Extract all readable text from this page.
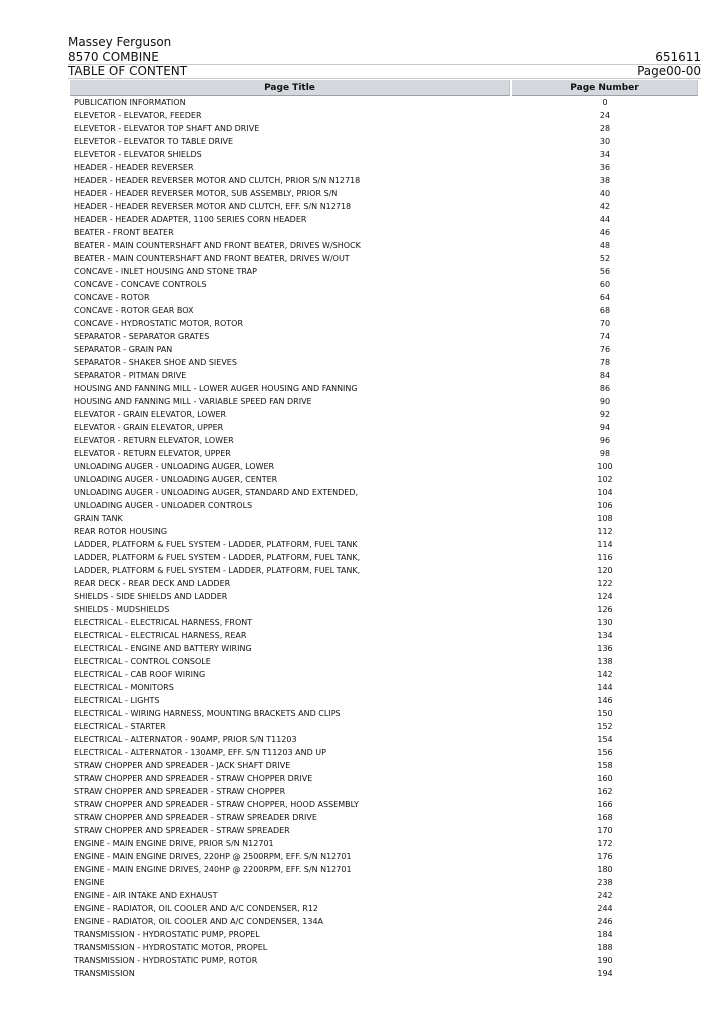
Massey Ferguson
8570 COMBINE	651611
TABLE OF CONTENT	Page00-00
Page Title	Page Number
PUBLICATION INFORMATION	0
ELEVETOR - ELEVATOR, FEEDER	24
ELEVETOR - ELEVATOR TOP SHAFT AND DRIVE	28
ELEVETOR - ELEVATOR TO TABLE DRIVE	30
ELEVETOR - ELEVATOR SHIELDS	34
HEADER - HEADER REVERSER	36
HEADER - HEADER REVERSER MOTOR AND CLUTCH, PRIOR S/N N12718	38
HEADER - HEADER REVERSER MOTOR, SUB ASSEMBLY, PRIOR S/N	40
HEADER - HEADER REVERSER MOTOR AND CLUTCH, EFF. S/N N12718	42
HEADER - HEADER ADAPTER, 1100 SERIES CORN HEADER	44
BEATER - FRONT BEATER	46
BEATER - MAIN COUNTERSHAFT AND FRONT BEATER, DRIVES W/SHOCK	48
BEATER - MAIN COUNTERSHAFT AND FRONT BEATER, DRIVES W/OUT	52
CONCAVE - INLET HOUSING AND STONE TRAP	56
CONCAVE - CONCAVE CONTROLS	60
CONCAVE - ROTOR	64
CONCAVE - ROTOR GEAR BOX	68
CONCAVE - HYDROSTATIC MOTOR, ROTOR	70
SEPARATOR - SEPARATOR GRATES	74
SEPARATOR - GRAIN PAN	76
SEPARATOR - SHAKER SHOE AND SIEVES	78
SEPARATOR - PITMAN DRIVE	84
HOUSING AND FANNING MILL - LOWER AUGER HOUSING AND FANNING	86
HOUSING AND FANNING MILL - VARIABLE SPEED FAN DRIVE	90
ELEVATOR - GRAIN ELEVATOR, LOWER	92
ELEVATOR - GRAIN ELEVATOR, UPPER	94
ELEVATOR - RETURN ELEVATOR, LOWER	96
ELEVATOR - RETURN ELEVATOR, UPPER	98
UNLOADING AUGER - UNLOADING AUGER, LOWER	100
UNLOADING AUGER - UNLOADING AUGER, CENTER	102
UNLOADING AUGER - UNLOADING AUGER, STANDARD AND EXTENDED,	104
UNLOADING AUGER - UNLOADER CONTROLS	106
GRAIN TANK	108
REAR ROTOR HOUSING	112
LADDER, PLATFORM & FUEL SYSTEM - LADDER, PLATFORM, FUEL TANK	114
LADDER, PLATFORM & FUEL SYSTEM - LADDER, PLATFORM, FUEL TANK,	116
LADDER, PLATFORM & FUEL SYSTEM - LADDER, PLATFORM, FUEL TANK,	120
REAR DECK - REAR DECK AND LADDER	122
SHIELDS - SIDE SHIELDS AND LADDER	124
SHIELDS - MUDSHIELDS	126
ELECTRICAL - ELECTRICAL HARNESS, FRONT	130
ELECTRICAL - ELECTRICAL HARNESS, REAR	134
ELECTRICAL - ENGINE AND BATTERY WIRING	136
ELECTRICAL - CONTROL CONSOLE	138
ELECTRICAL - CAB ROOF WIRING	142
ELECTRICAL - MONITORS	144
ELECTRICAL - LIGHTS	146
ELECTRICAL - WIRING HARNESS, MOUNTING BRACKETS AND CLIPS	150
ELECTRICAL - STARTER	152
ELECTRICAL - ALTERNATOR - 90AMP, PRIOR S/N T11203	154
ELECTRICAL - ALTERNATOR - 130AMP, EFF. S/N T11203 AND UP	156
STRAW CHOPPER AND SPREADER - JACK SHAFT DRIVE	158
STRAW CHOPPER AND SPREADER - STRAW CHOPPER DRIVE	160
STRAW CHOPPER AND SPREADER - STRAW CHOPPER	162
STRAW CHOPPER AND SPREADER - STRAW CHOPPER, HOOD ASSEMBLY	166
STRAW CHOPPER AND SPREADER - STRAW SPREADER DRIVE	168
STRAW CHOPPER AND SPREADER - STRAW SPREADER	170
ENGINE - MAIN ENGINE DRIVE, PRIOR S/N N12701	172
ENGINE - MAIN ENGINE DRIVES, 220HP @ 2500RPM, EFF. S/N N12701	176
ENGINE - MAIN ENGINE DRIVES, 240HP @ 2200RPM, EFF. S/N N12701	180
ENGINE	238
ENGINE - AIR INTAKE AND EXHAUST	242
ENGINE - RADIATOR, OIL COOLER AND A/C CONDENSER, R12	244
ENGINE - RADIATOR, OIL COOLER AND A/C CONDENSER, 134A	246
TRANSMISSION - HYDROSTATIC PUMP, PROPEL	184
TRANSMISSION - HYDROSTATIC MOTOR, PROPEL	188
TRANSMISSION - HYDROSTATIC PUMP, ROTOR	190
TRANSMISSION	194
